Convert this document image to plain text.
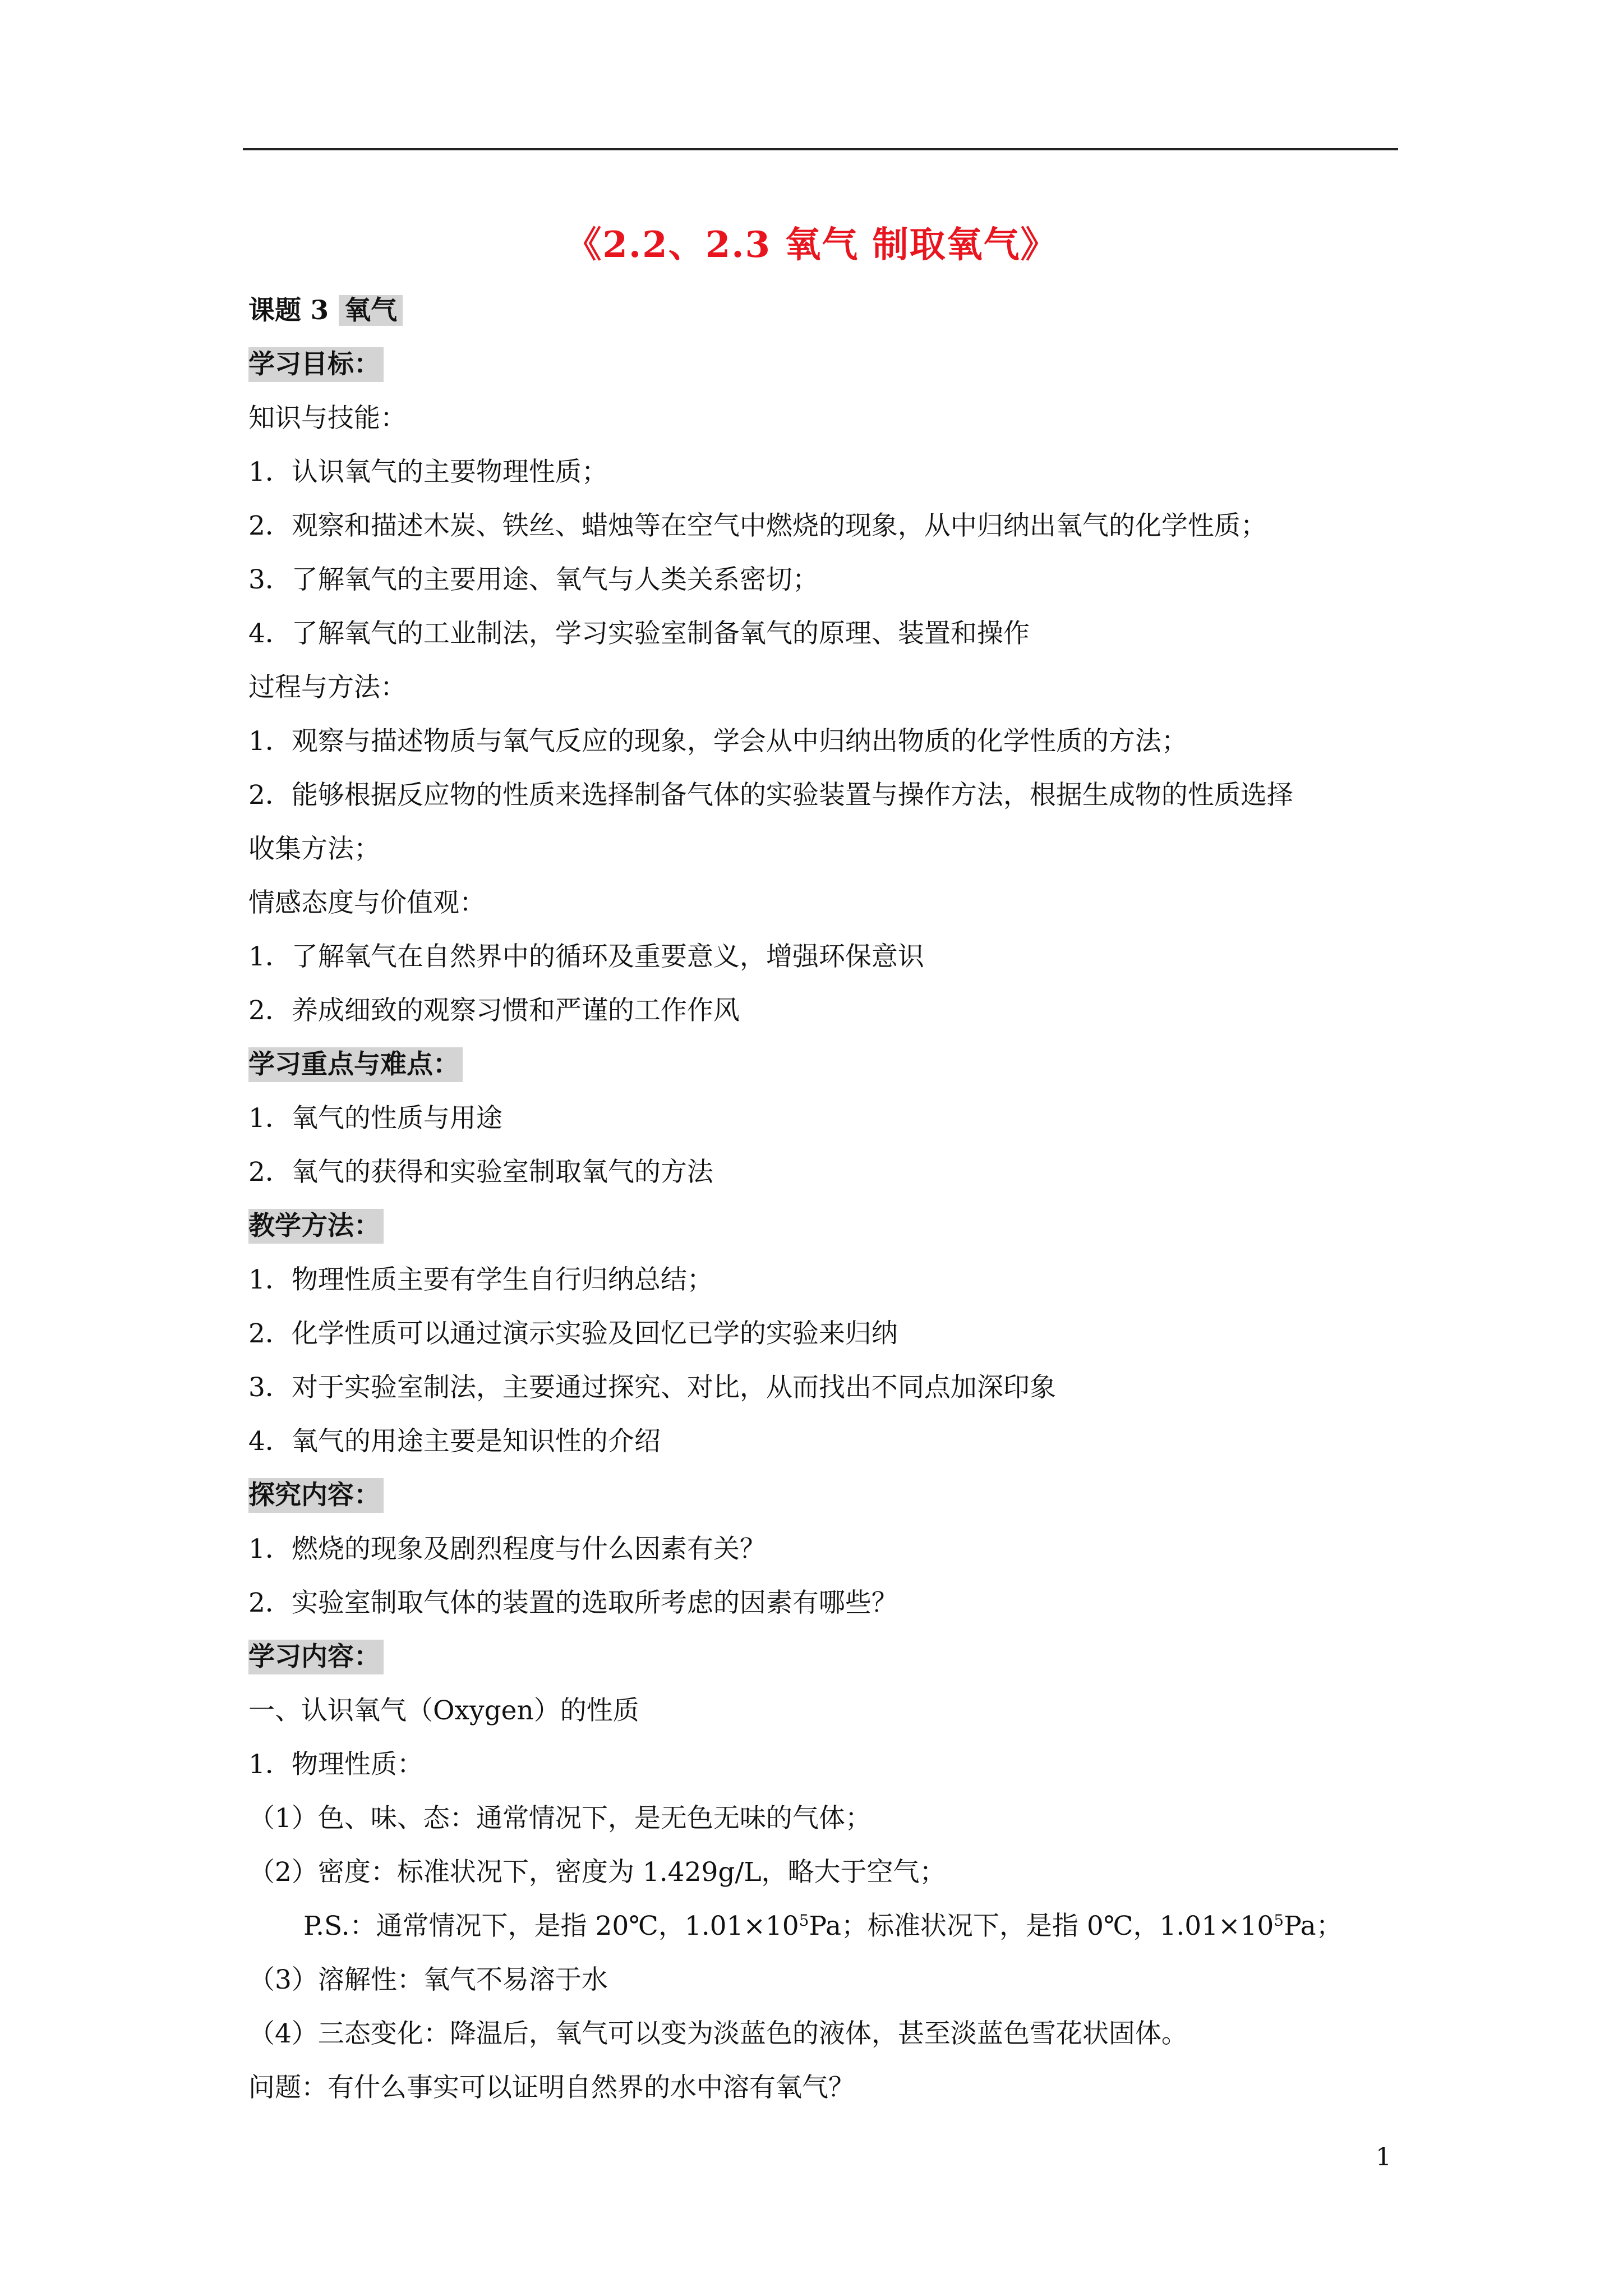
《2.2、2.3 氧气 制取氧气》
课题 3 氧气
学习目标：
知识与技能：
1．认识氧气的主要物理性质；
2．观察和描述木炭、铁丝、蜡烛等在空气中燃烧的现象，从中归纳出氧气的化学性质；
3．了解氧气的主要用途、氧气与人类关系密切；
4．了解氧气的工业制法，学习实验室制备氧气的原理、装置和操作
过程与方法：
1．观察与描述物质与氧气反应的现象，学会从中归纳出物质的化学性质的方法；
2．能够根据反应物的性质来选择制备气体的实验装置与操作方法，根据生成物的性质选择
收集方法；
情感态度与价值观：
1．了解氧气在自然界中的循环及重要意义，增强环保意识
2．养成细致的观察习惯和严谨的工作作风
学习重点与难点：
1．氧气的性质与用途
2．氧气的获得和实验室制取氧气的方法
教学方法：
1．物理性质主要有学生自行归纳总结；
2．化学性质可以通过演示实验及回忆已学的实验来归纳
3．对于实验室制法，主要通过探究、对比，从而找出不同点加深印象
4．氧气的用途主要是知识性的介绍
探究内容：
1．燃烧的现象及剧烈程度与什么因素有关？
2．实验室制取气体的装置的选取所考虑的因素有哪些？
学习内容：
一、认识氧气（Oxygen）的性质
1．物理性质：
（1）色、味、态：通常情况下，是无色无味的气体；
（2）密度：标准状况下，密度为 1.429g/L，略大于空气；
P.S.：通常情况下，是指 20℃，$1.01\times 10^5Pa$；标准状况下，是指 0℃，$1.01\times 10^5Pa$；
（3）溶解性：氧气不易溶于水
（4）三态变化：降温后，氧气可以变为淡蓝色的液体，甚至淡蓝色雪花状固体。
问题：有什么事实可以证明自然界的水中溶有氧气？
1
